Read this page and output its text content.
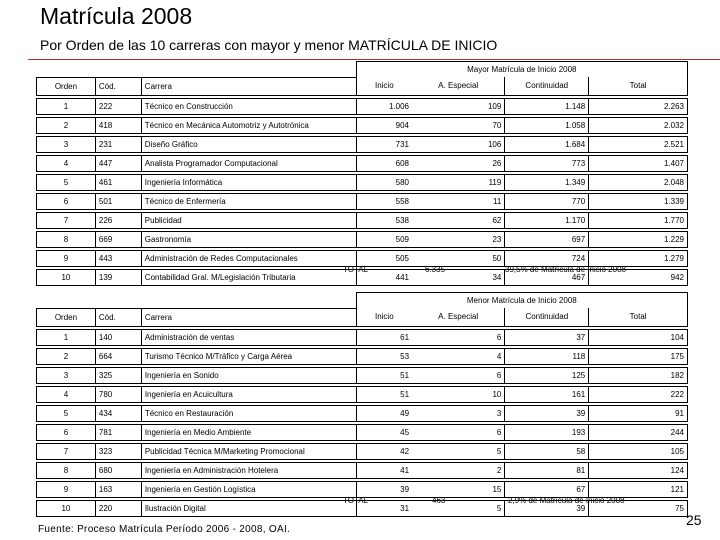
Matrícula 2008
Por Orden de las 10 carreras con mayor y menor MATRÍCULA DE INICIO
			Mayor Matrícula de Inicio 2008			
Orden	Cód.	Carrera	Inicio	A. Especial	Continuidad	Total

1	222	Técnico en Construcción	1.006	109	1.148	2.263

2	418	Técnico en Mecánica Automotriz y Autotrónica	904	70	1.058	2.032

3	231	Diseño Gráfico	731	106	1.684	2.521

4	447	Analista Programador Computacional	608	26	773	1.407

5	461	Ingeniería Informática	580	119	1.349	2.048

6	501	Técnico de Enfermería	558	11	770	1.339

7	226	Publicidad	538	62	1.170	1.770

8	669	Gastronomía	509	23	697	1.229

9	443	Administración de Redes Computacionales	505	50	724	1.279

10	139	Contabilidad Gral. M/Legislación Tributaria	441	34	467	942
TOTAL	6.335	39,5% de Matrícula de Inicio 2008
			Menor Matrícula de Inicio 2008			
Orden	Cód.	Carrera	Inicio	A. Especial	Continuidad	Total

1	140	Administración de ventas	61	6	37	104

2	664	Turismo Técnico M/Tráfico y Carga Aérea	53	4	118	175

3	325	Ingeniería en Sonido	51	6	125	182

4	780	Ingeniería en Acuicultura	51	10	161	222

5	434	Técnico en Restauración	49	3	39	91

6	781	Ingeniería en Medio Ambiente	45	6	193	244

7	323	Publicidad Técnica M/Marketing Promocional	42	5	58	105

8	680	Ingeniería en Administración Hotelera	41	2	81	124

9	163	Ingeniería en Gestión Logística	39	15	67	121

10	220	Ilustración Digital	31	5	39	75
TOTAL	463	2,9% de Matrícula de Inicio 2008
Fuente: Proceso Matrícula Período 2006 - 2008, OAI.
25
